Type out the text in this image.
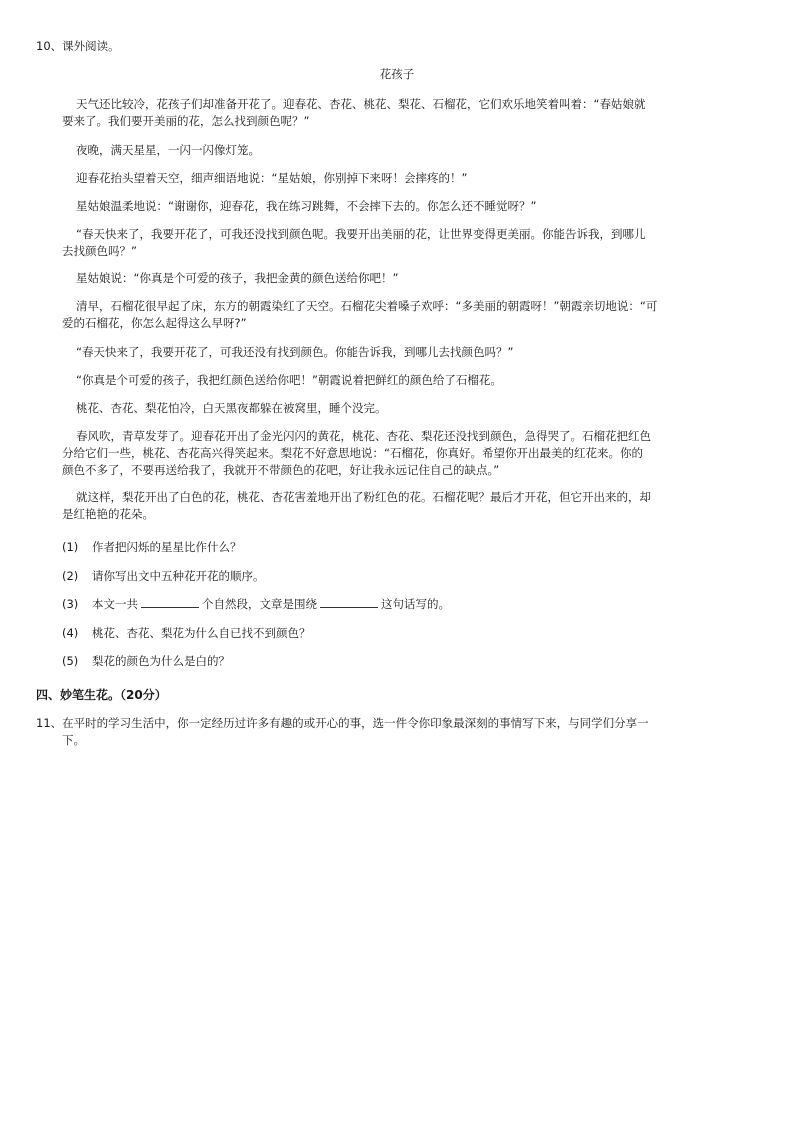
10、课外阅读。
花孩子

天气还比较冷，花孩子们却准备开花了。迎春花、杏花、桃花、梨花、石榴花，它们欢乐地笑着叫着：“春姑娘就

要来了。我们要开美丽的花，怎么找到颜色呢？”

夜晚，满天星星，一闪一闪像灯笼。

迎春花抬头望着天空，细声细语地说：“星姑娘，你别掉下来呀！会摔疼的！”

星姑娘温柔地说：“谢谢你，迎春花，我在练习跳舞，不会摔下去的。你怎么还不睡觉呀？”

“春天快来了，我要开花了，可我还没找到颜色呢。我要开出美丽的花，让世界变得更美丽。你能告诉我，到哪儿

去找颜色吗？”

星姑娘说：“你真是个可爱的孩子，我把金黄的颜色送给你吧！”

清早，石榴花很早起了床，东方的朝霞染红了天空。石榴花尖着嗓子欢呼：“多美丽的朝霞呀！”朝霞亲切地说：“可

爱的石榴花，你怎么起得这么早呀?”

“春天快来了，我要开花了，可我还没有找到颜色。你能告诉我，到哪儿去找颜色吗？”

“你真是个可爱的孩子，我把红颜色送给你吧！”朝霞说着把鲜红的颜色给了石榴花。

桃花、杏花、梨花怕冷，白天黑夜都躲在被窝里，睡个没完。

春风吹，青草发芽了。迎春花开出了金光闪闪的黄花，桃花、杏花、梨花还没找到颜色，急得哭了。石榴花把红色

分给它们一些，桃花、杏花高兴得笑起来。梨花不好意思地说：“石榴花，你真好。希望你开出最美的红花来。你的

颜色不多了，不要再送给我了，我就开不带颜色的花吧，好让我永远记住自己的缺点。”

就这样，梨花开出了白色的花，桃花、杏花害羞地开出了粉红色的花。石榴花呢？最后才开花，但它开出来的，却

是红艳艳的花朵。

(1) 作者把闪烁的星星比作什么？
(2) 请你写出文中五种花开花的顺序。
(3) 本文一共	个自然段，文章是围绕	这句话写的。
(4) 桃花、杏花、梨花为什么自已找不到颜色？
(5) 梨花的颜色为什么是白的？
四、妙笔生花。（20分）
11、在平时的学习生活中，你一定经历过许多有趣的或开心的事，选一件令你印象最深刻的事情写下来，与同学们分享一
下。
